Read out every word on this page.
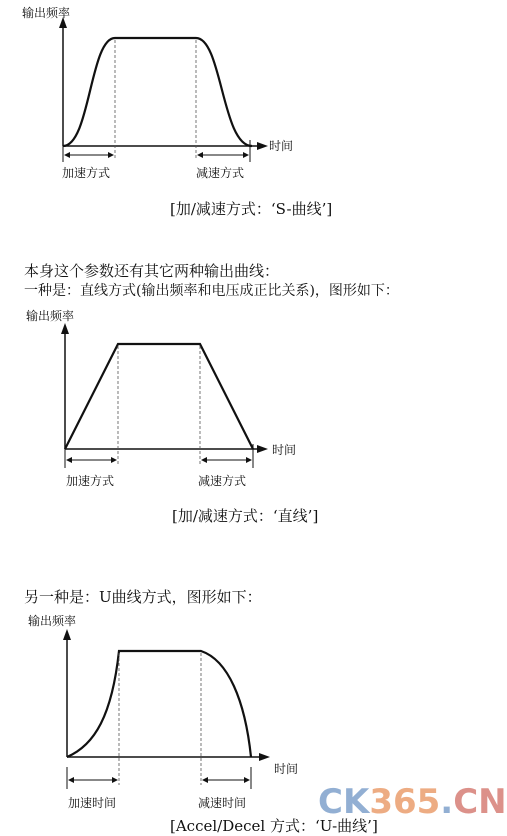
输出频率
时间
加速方式	减速方式
输出频率
时间
加速方式	减速方式
输出频率
时间
加速时间	减速时间
[加/减速方式：‘S-曲线’]
[加/减速方式：‘直线’]
[Accel/Decel 方式：‘U-曲线’]
本身这个参数还有其它两种输出曲线：
一种是：直线方式(输出频率和电压成正比关系)，图形如下：
另一种是：U曲线方式，图形如下：
CK365.CN
